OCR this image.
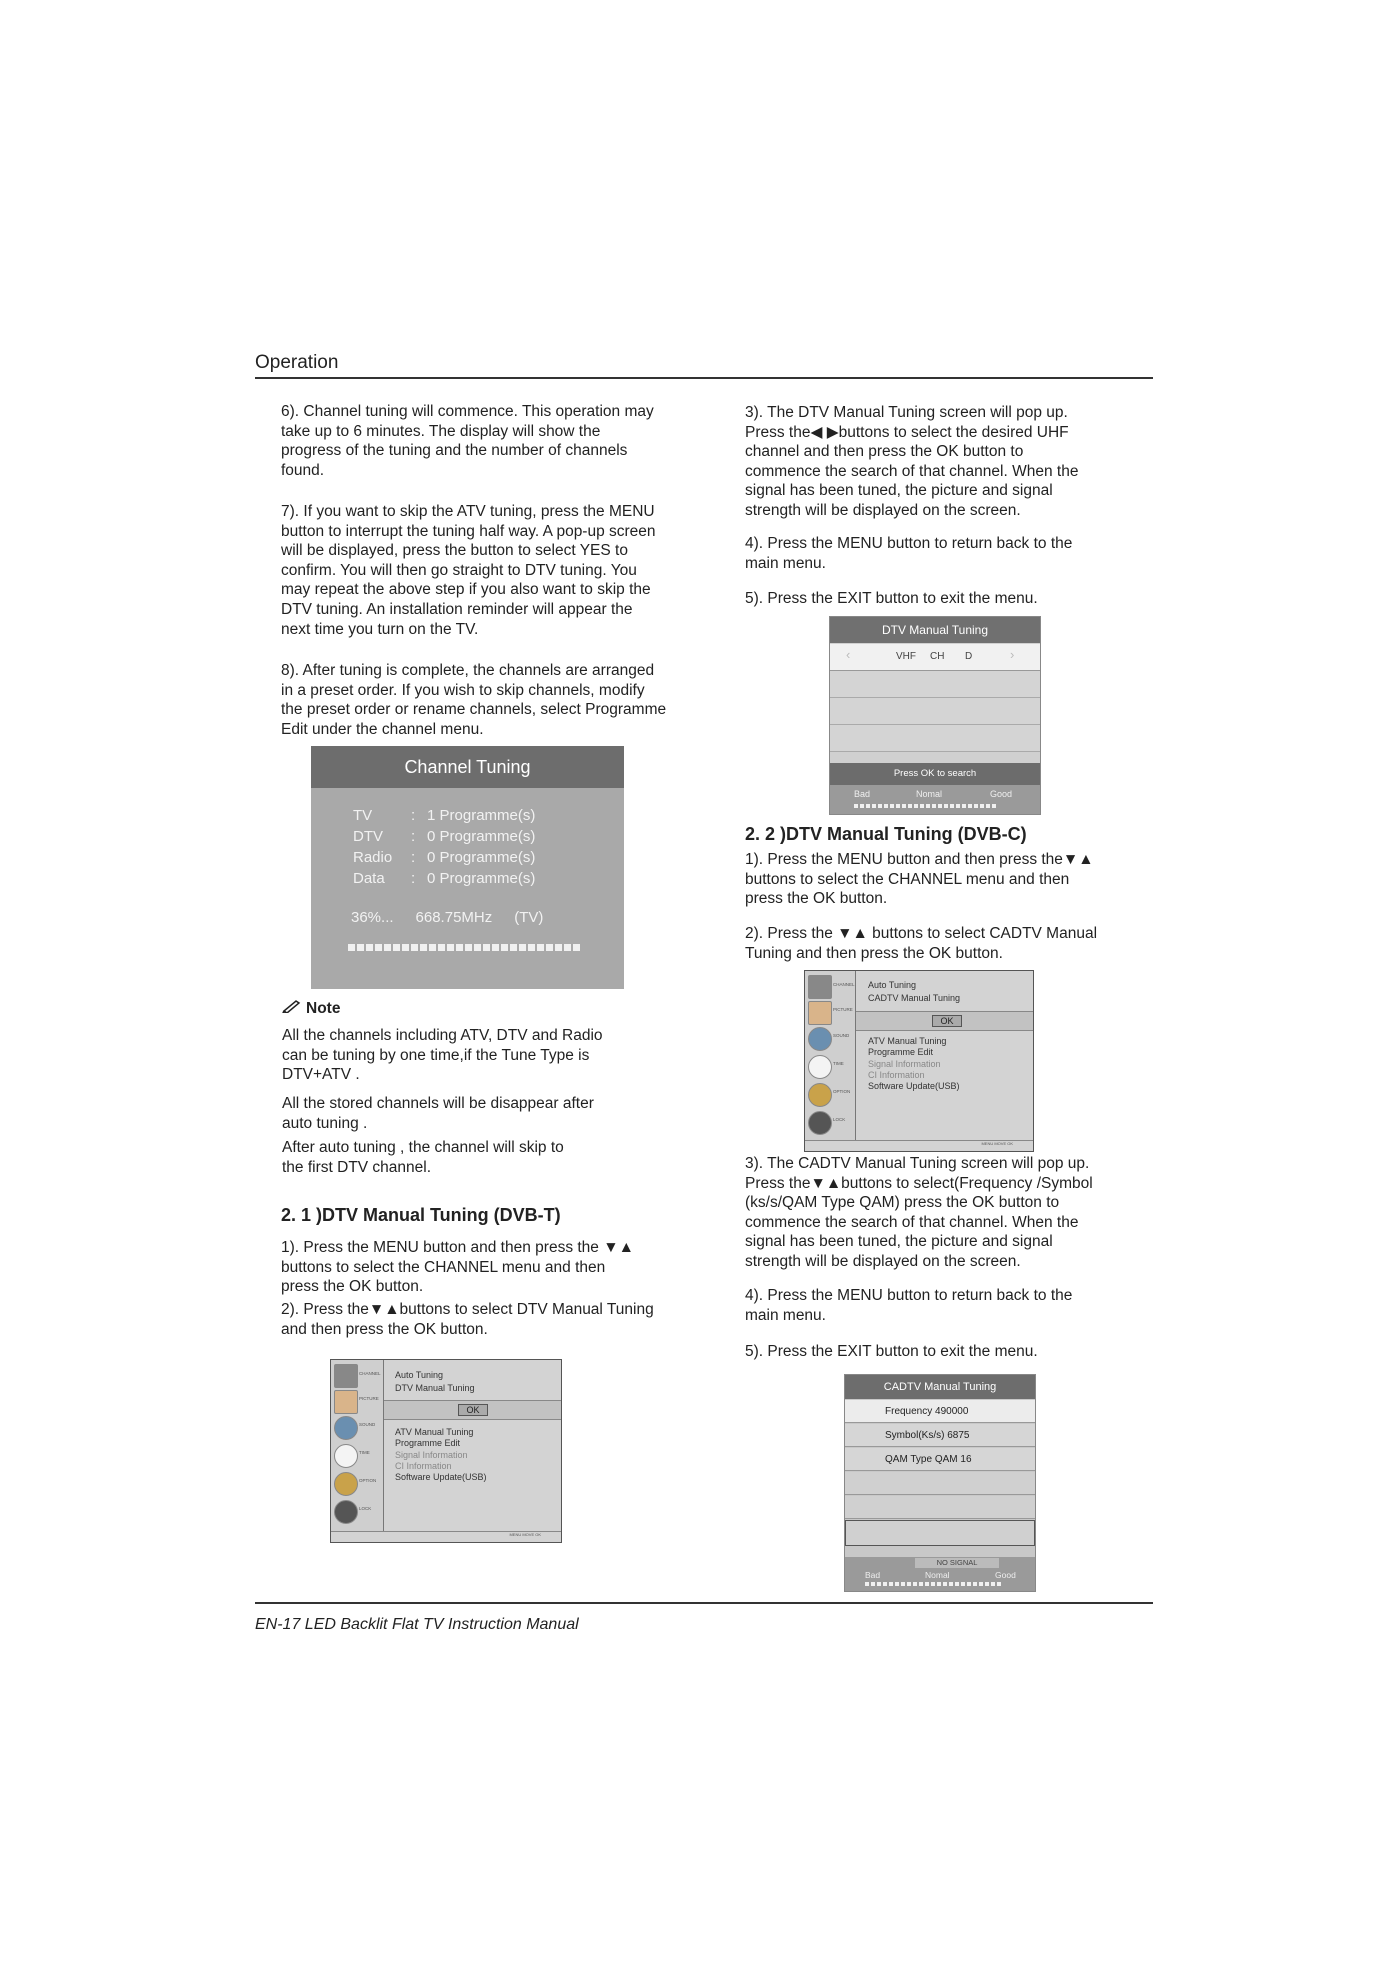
Operation
6). Channel tuning will commence. This operation may
take up to 6 minutes. The display will show the
progress of the tuning and the number of channels
found.
7). If you want to skip the ATV tuning, press the MENU
button to interrupt the tuning half way. A pop-up screen
will be displayed, press the button to select YES to
confirm. You will then go straight to DTV tuning. You
may repeat the above step if you also want to skip the
DTV tuning. An installation reminder will appear the
next time you turn on the TV.
8). After tuning is complete, the channels are arranged
in a preset order. If you wish to skip channels, modify
the preset order or rename channels, select Programme
Edit under the channel menu.
Channel Tuning
TV	: 1 Programme(s)
DTV : 0 Programme(s)
Radio : 0 Programme(s)
Data : 0 Programme(s)
36%... 668.75MHz (TV)
Note
All the channels including ATV, DTV and Radio
can be tuning by one time,if the Tune Type is
DTV+ATV .
All the stored channels will be disappear after
auto tuning .
After auto tuning , the channel will skip to
the first DTV channel.
2. 1 )DTV Manual Tuning (DVB-T)
1). Press the MENU button and then press the ▼▲
buttons to select the CHANNEL menu and then
press the OK button.
2). Press the▼▲buttons to select DTV Manual Tuning
and then press the OK button.
CHANNEL
PICTURE
SOUND
TIME
OPTION
LOCK
Auto Tuning
DTV Manual Tuning
OK
ATV Manual Tuning
Programme Edit
Signal Information
CI Information
Software Update(USB)
MENU MOVE OK
3). The DTV Manual Tuning screen will pop up.
Press the◀ ▶buttons to select the desired UHF
channel and then press the OK button to
commence the search of that channel. When the
signal has been tuned, the picture and signal
strength will be displayed on the screen.
4). Press the MENU button to return back to the
main menu.
5). Press the EXIT button to exit the menu.
DTV Manual Tuning
‹	VHF CH D	›
Press OK to search
Bad	Nomal	Good
2. 2 )DTV Manual Tuning (DVB-C)
1). Press the MENU button and then press the▼▲
buttons to select the CHANNEL menu and then
press the OK button.
2). Press the ▼▲ buttons to select CADTV Manual
Tuning and then press the OK button.
CHANNEL
PICTURE
SOUND
TIME
OPTION
LOCK
Auto Tuning
CADTV Manual Tuning
OK
ATV Manual Tuning
Programme Edit
Signal Information
CI Information
Software Update(USB)
MENU MOVE OK
3). The CADTV Manual Tuning screen will pop up.
Press the▼▲buttons to select(Frequency /Symbol
(ks/s/QAM Type QAM) press the OK button to
commence the search of that channel. When the
signal has been tuned, the picture and signal
strength will be displayed on the screen.
4). Press the MENU button to return back to the
main menu.
5). Press the EXIT button to exit the menu.
CADTV Manual Tuning
Frequency 490000
Symbol(Ks/s) 6875
QAM Type QAM 16
NO SIGNAL
Bad	Nomal	Good
EN-17 LED Backlit Flat TV Instruction Manual
